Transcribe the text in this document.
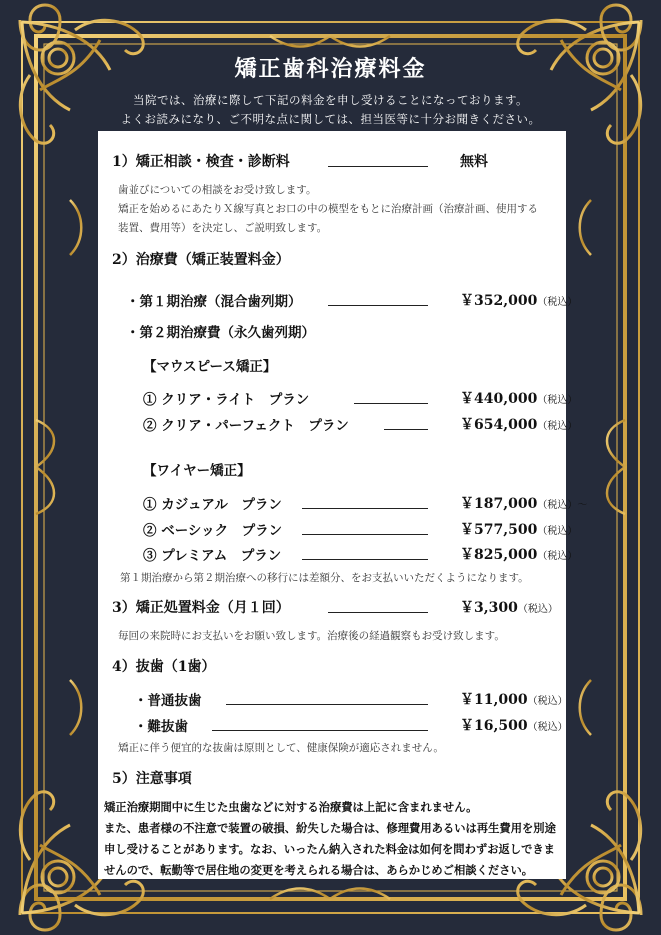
矯正歯科治療料金
当院では、治療に際して下記の料金を申し受けることになっております。
よくお読みになり、ご不明な点に関しては、担当医等に十分お聞きください。
1）矯正相談・検査・診断料	無料
歯並びについての相談をお受け致します。
矯正を始めるにあたりＸ線写真とお口の中の模型をもとに治療計画（治療計画、使用する
装置、費用等）を決定し、ご説明致します。
2）治療費（矯正装置料金）
・第１期治療（混合歯列期）	￥352,000（税込）
・第２期治療費（永久歯列期）
【マウスピース矯正】
① クリア・ライト　プラン	￥440,000（税込）
② クリア・パーフェクト　プラン	￥654,000（税込）
【ワイヤー矯正】
① カジュアル　プラン	￥187,000（税込）～
② ベーシック　プラン	￥577,500（税込）
③ プレミアム　プラン	￥825,000（税込）
第１期治療から第２期治療への移行には差額分、をお支払いいただくようになります。
3）矯正処置料金（月１回）	￥3,300（税込）
毎回の来院時にお支払いをお願い致します。治療後の経過観察もお受け致します。
4）抜歯（1歯）
・普通抜歯	￥11,000（税込）
・難抜歯	￥16,500（税込）
矯正に伴う便宜的な抜歯は原則として、健康保険が適応されません。
5）注意事項
矯正治療期間中に生じた虫歯などに対する治療費は上記に含まれません。
また、患者様の不注意で装置の破損、紛失した場合は、修理費用あるいは再生費用を別途
申し受けることがあります。なお、いったん納入された料金は如何を問わずお返しできま
せんので、転勤等で居住地の変更を考えられる場合は、あらかじめご相談ください。
